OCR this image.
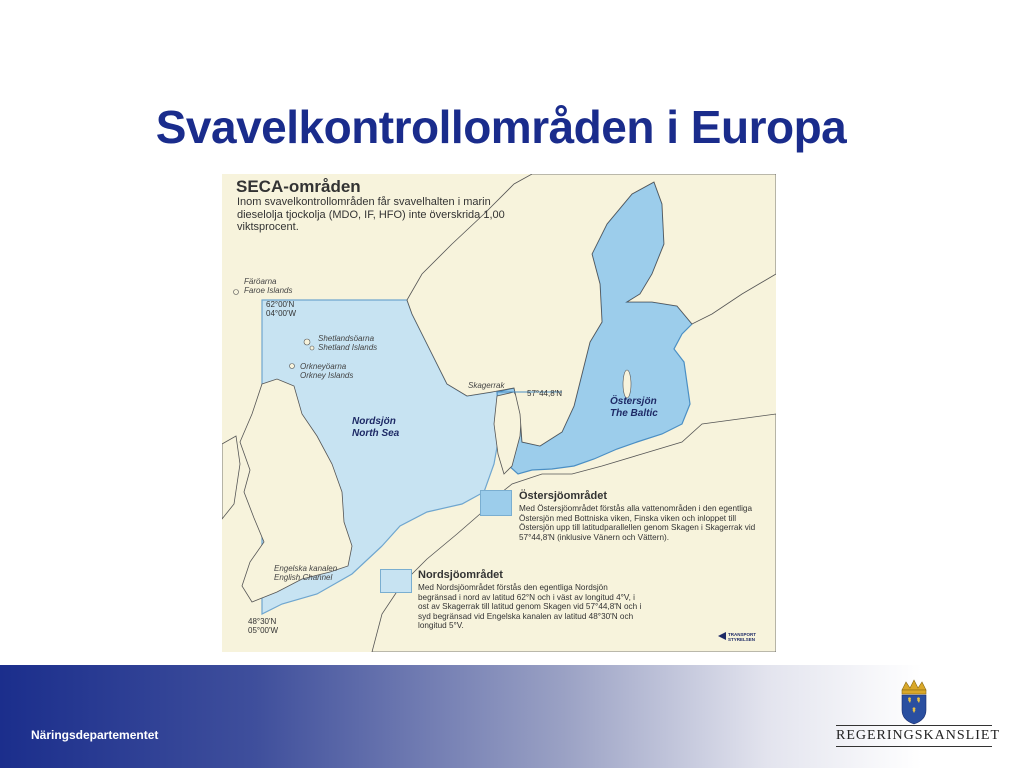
Svavelkontrollområden i Europa
SECA-områden
Inom svavelkontrollområden får svavelhalten i marin dieselolja tjockolja (MDO, IF, HFO) inte överskrida 1,00 viktsprocent.
Färöarna
Faroe Islands
62°00'N
04°00'W
Shetlandsöarna
Shetland Islands
Orkneyöarna
Orkney Islands
Nordsjön
North Sea
Skagerrak
57°44,8'N
Östersjön
The Baltic
Engelska kanalen
English Channel
48°30'N
05°00'W
Östersjöområdet
Med Östersjöområdet förstås alla vattenområden i den egentliga Östersjön med Bottniska viken, Finska viken och inloppet till Östersjön upp till latitudparallellen genom Skagen i Skagerrak vid 57°44,8'N (inklusive Vänern och Vättern).
Nordsjöområdet
Med Nordsjöområdet förstås den egentliga Nordsjön begränsad i nord av latitud 62°N och i väst av longitud 4°V, i ost av Skagerrak till latitud genom Skagen vid 57°44,8'N och i syd begränsad vid Engelska kanalen av latitud 48°30'N och longitud 5°V.
TRANSPORT STYRELSEN
Näringsdepartementet	REGERINGSKANSLIET
